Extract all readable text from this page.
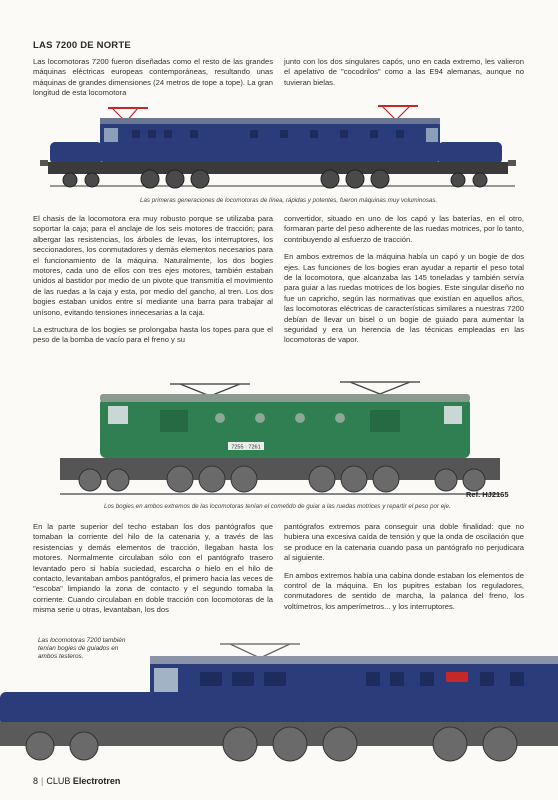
LAS 7200 DE NORTE

Las locomotoras 7200 fueron diseñadas como el resto de las grandes máquinas eléctricas europeas contemporáneas, resultando unas máquinas de grandes dimensiones (24 metros de tope a tope). La gran longitud de esta locomotora

junto con los dos singulares capós, uno en cada extremo, les valieron el apelativo de "cocodrilos" como a las E94 alemanas, aunque no tuvieran bielas.

Las primeras generaciones de locomotoras de línea, rápidas y potentes, fueron máquinas muy voluminosas.

El chasis de la locomotora era muy robusto porque se utilizaba para soportar la caja; para el anclaje de los seis motores de tracción; para albergar las resistencias, los árboles de levas, los interruptores, los seccionadores, los conmutadores y demás elementos necesarios para el funcionamiento de la máquina. Naturalmente, los dos bogies motores, cada uno de ellos con tres ejes motores, también estaban unidos al bastidor por medio de un pivote que transmitía el movimiento de las ruedas a la caja y esta, por medio del gancho, al tren. Los dos bogies estaban unidos entre sí mediante una barra para trabajar al unísono, evitando tensiones innecesarias a la caja.

La estructura de los bogies se prolongaba hasta los topes para que el peso de la bomba de vacío para el freno y su

convertidor, situado en uno de los capó y las baterías, en el otro, formaran parte del peso adherente de las ruedas motrices, por lo tanto, contribuyendo al esfuerzo de tracción.

En ambos extremos de la máquina había un capó y un bogie de dos ejes. Las funciones de los bogies eran ayudar a repartir el peso total de la locomotora, que alcanzaba las 145 toneladas y también servía para guiar a las ruedas motrices de los bogies. Este singular diseño no fue un capricho, según las normativas que existían en aquellos años, las locomotoras eléctricas de características similares a nuestras 7200 debían de llevar un bisel o un bogie de guiado para aumentar la seguridad y era un herencia de las técnicas empleadas en las locomotoras de vapor.

7255 · 7261
Ref. HJ2165
Los bogies en ambos extremos de las locomotoras tenían el cometido de guiar a las ruedas motrices y repartir el peso por eje.

En la parte superior del techo estaban los dos pantógrafos que tomaban la corriente del hilo de la catenaria y, a través de las resistencias y demás elementos de tracción, llegaban hasta los motores. Normalmente circulaban sólo con el pantógrafo trasero levantado pero si había suciedad, escarcha o hielo en el hilo de contacto, levantaban ambos pantógrafos, el primero hacia las veces de "escoba" limpiando la zona de contacto y el segundo tomaba la corriente. Cuando circulaban en doble tracción con locomotoras de la misma serie u otras, levantaban, los dos

pantógrafos extremos para conseguir una doble finalidad: que no hubiera una excesiva caída de tensión y que la onda de oscilación que se produce en la catenaria cuando pasa un pantógrafo no perjudicara al siguiente.

En ambos extremos había una cabina donde estaban los elementos de control de la máquina. En los pupitres estaban los reguladores, conmutadores de sentido de marcha, la palanca del freno, los voltímetros, los amperímetros... y los interruptores.

Las locomotoras 7200 también tenían bogies de guiados en ambos testeros.
8 | CLUB Electrotren
